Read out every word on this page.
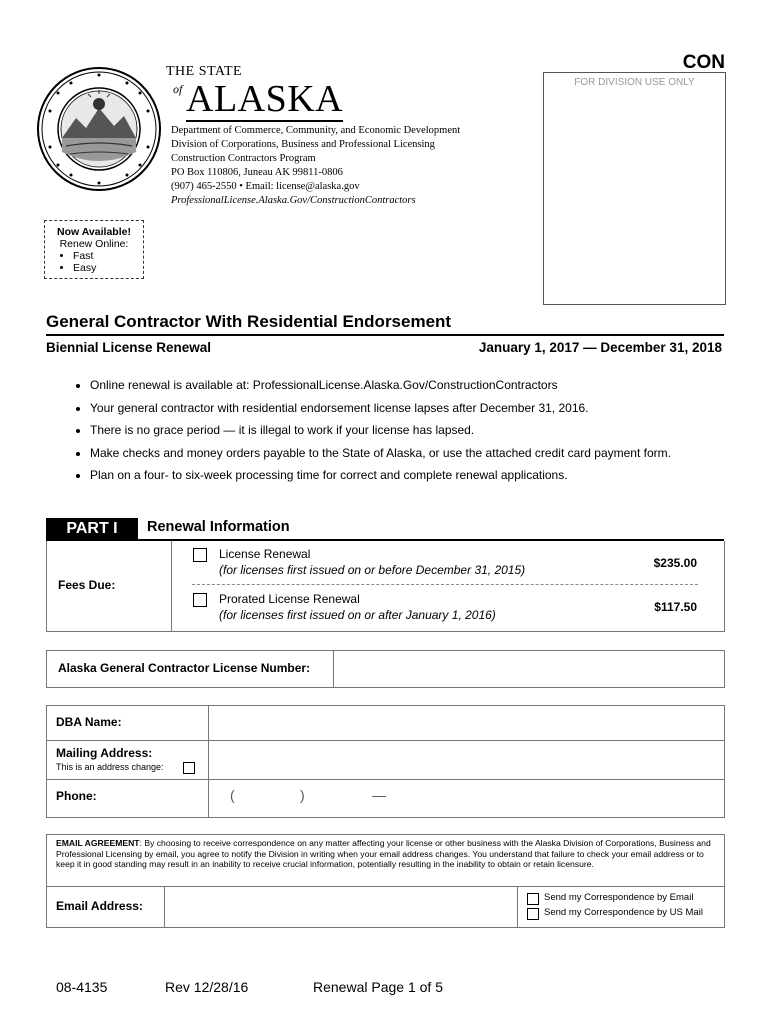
CON
FOR DIVISION USE ONLY
THE STATE
of ALASKA
Department of Commerce, Community, and Economic Development
Division of Corporations, Business and Professional Licensing
Construction Contractors Program
PO Box 110806, Juneau AK 99811-0806
(907) 465-2550 • Email: license@alaska.gov
ProfessionalLicense.Alaska.Gov/ConstructionContractors
Now Available!
Renew Online:
• Fast
• Easy
General Contractor With Residential Endorsement
Biennial License Renewal	January 1, 2017 — December 31, 2018
• Online renewal is available at: ProfessionalLicense.Alaska.Gov/ConstructionContractors
• Your general contractor with residential endorsement license lapses after December 31, 2016.
• There is no grace period — it is illegal to work if your license has lapsed.
• Make checks and money orders payable to the State of Alaska, or use the attached credit card payment form.
• Plan on a four- to six-week processing time for correct and complete renewal applications.
PART I	Renewal Information
Fees Due:
License Renewal
(for licenses first issued on or before December 31, 2015)	$235.00
Prorated License Renewal
(for licenses first issued on or after January 1, 2016)
$117.50
Alaska General Contractor License Number:
DBA Name:
Mailing Address:
This is an address change:
Phone:	(	)	—
EMAIL AGREEMENT: By choosing to receive correspondence on any matter affecting your license or other business with the Alaska Division of Corporations, Business and Professional Licensing by email, you agree to notify the Division in writing when your email address changes. You understand that failure to check your email address or to keep it in good standing may result in an inability to receive crucial information, potentially resulting in the inability to obtain or retain licensure.
Email Address:
Send my Correspondence by Email
Send my Correspondence by US Mail
08-4135	Rev 12/28/16	Renewal Page 1 of 5
